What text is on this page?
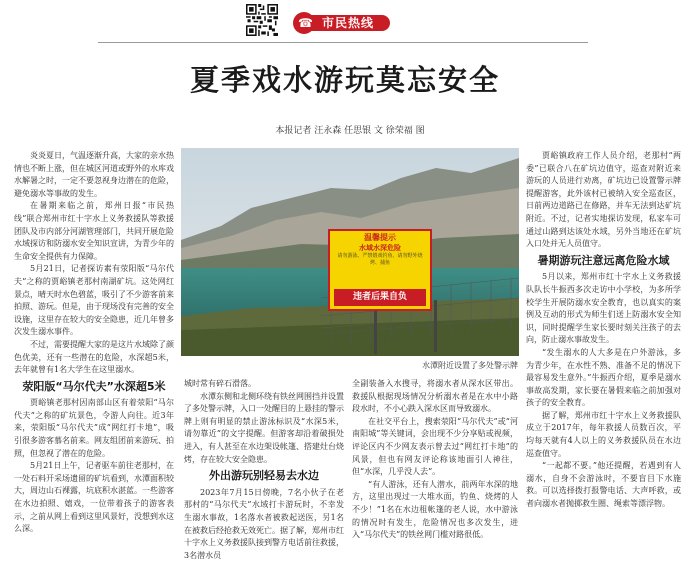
市民热线
☎
夏季戏水游玩莫忘安全
本报记者 汪永森 任思银 文 徐荣福 图

炎炎夏日，气温逐渐升高，大家的亲水热情也不断上涨，但在城区河道或野外的水库戏水解暑之时，一定不要忽视身边潜在的危险，避免溺水等事故的发生。

在暑期来临之前，郑州日报“市民热线”联合郑州市红十字水上义务救援队等救援团队及市内部分河湖管理部门，共同开展危险水域探访和防溺水安全知识宣讲，为青少年的生命安全提供有力保障。

5月21日，记者探访素有荥阳版“马尔代夫”之称的贾峪镇老那村南湖矿坑。这处网红景点，晴天时水色碧蓝，吸引了不少游客前来拍照、游玩。但是，由于现场没有完善的安全设施，这里存在较大的安全隐患，近几年曾多次发生溺水事件。

不过，需要提醒大家的是这片水域除了颜色优美，还有一些潜在的危险，水深超5米，去年就曾有1名大学生在这里溺水。

荥阳版“马尔代夫”水深超5米

贾峪镇老那村因南部山区有着荥阳“马尔代夫”之称的矿坑景色，令游人向往。近3年来，荥阳版“马尔代夫”成“网红打卡地”，吸引很多游客慕名前来。网友组团前来游玩、拍照，但忽视了潜在的危险。

5月21日上午，记者驱车前往老那村，在一处石料开采场遗留的矿坑看到，水潭面积较大，周边山石裸露，坑底积水湛蓝。一些游客在水边拍照、嬉戏，一位带着孩子的游客表示，之前从网上看到这里风景好，没想到水这么深。

温馨提示
水域水深危险
请勿游泳、严禁嬉戏钓鱼、请勿野外烧烤、捕鱼
违者后果自负
水潭附近设置了多处警示牌

城时常有碎石滑落。

水潭东侧和北侧环绕有铁丝网围挡并设置了多处警示牌，入口一处醒目的上悬挂的警示牌上则有明显的禁止游泳标识及“水深5米，请勿靠近”的文字提醒。但游客却沿着破损处进入，有人甚至在水边架设帐篷、搭建灶台烧烤，存在较大安全隐患。

外出游玩别轻易去水边

2023年7月15日傍晚，7名小伙子在老那村的“马尔代夫”水域打卡游玩时，不幸发生溺水事故，1名落水者被救起送医，另1名在被救后经抢救无效死亡。据了解，郑州市红十字水上义务救援队接到警方电话前往救援，3名潜水员

全副装备入水搜寻，将溺水者从深水区带出。救援队根据现场情况分析溺水者是在水中小路段水时，不小心跌入深水区而导致溺水。

在社交平台上，搜索荥阳“马尔代夫”或“河南阳城”等关键词，会出现不少分享贴或视频，评论区内不少网友表示曾去过“网红打卡地”的风景，但也有网友评论称该地面引人神往，但“水深，几乎没人去”。

“有人游泳，还有人潜水，前两年水深的地方，这里出现过一大堆水面，钓鱼、烧烤的人不少！”1名在水边租帐篷的老人说，水中游泳的情况时有发生，危险情况也多次发生，进入“马尔代夫”的铁丝网门槛对路很低。

贾峪镇政府工作人员介绍，老那村“两委”已联合八在矿坑边值守，巡查对附近来游玩的人员进行劝离，矿坑边已设置警示牌提醒游客，此外该村已被纳入安全巡查区，日前两边道路已在修路，并车无法到达矿坑附近。不过，记者实地探访发现，私家车可通过山路到达该处水域，另外当地还在矿坑入口处并无人员值守。

暑期游玩注意远离危险水域

5月以来，郑州市红十字水上义务救援队队长牛振西多次走访中小学校，为多所学校学生开展防溺水安全教育，也以真实的案例及互动的形式为师生们送上防溺水安全知识，同时提醒学生家长要时刻关注孩子的去向，防止溺水事故发生。

“发生溺水的人大多是在户外游泳，多为青少年，在水性不熟、准备不足的情况下最容易发生意外。”牛振西介绍，夏季是溺水事故高发期，家长要在暑假来临之前加强对孩子的安全教育。

据了解，郑州市红十字水上义务救援队成立于2017年，每年救援人员数百次，平均每天就有4人以上的义务救援队员在水边巡查值守。

“一起都不要。”他还提醒，若遇到有人溺水，自身不会游泳时，不要盲目下水施救。可以选择拨打报警电话、大声呼救，或者向溺水者抛掷救生圈、绳索等漂浮物。
